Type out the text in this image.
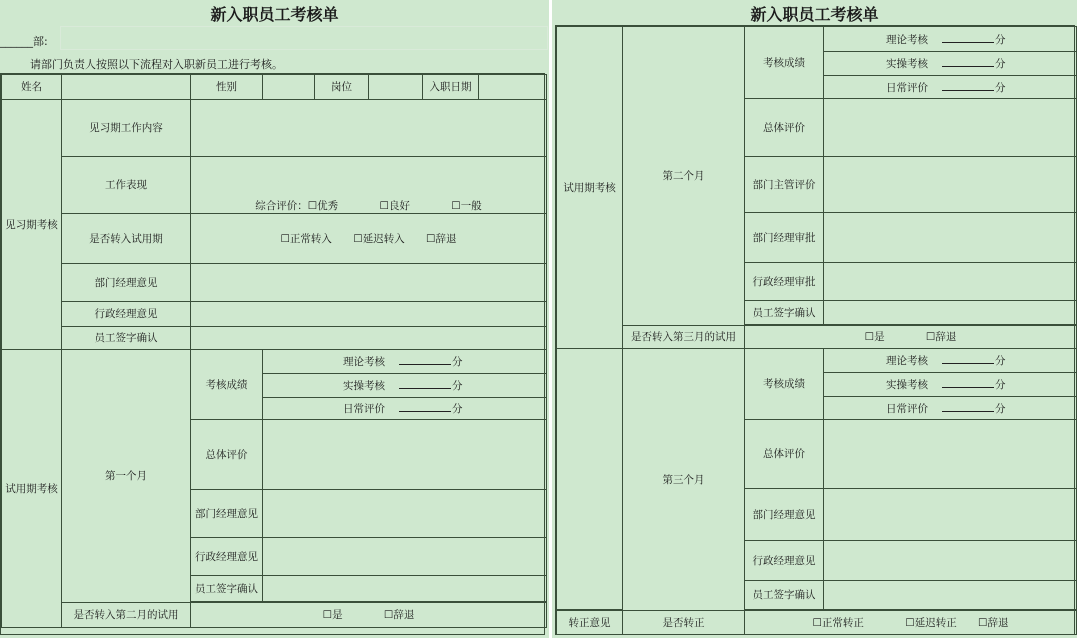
新入职员工考核单
______部:
请部门负责人按照以下流程对入职新员工进行考核。
姓名		性别		岗位		入职日期	
见习期考核	见习期工作内容						
	工作表现	综合评价：☐优秀 ☐良好 ☐一般					
	是否转入试用期	☐正常转入 ☐延迟转入 ☐辞退					
	部门经理意见						
	行政经理意见						
	员工签字确认						
试用期考核	第一个月	考核成绩	理论考核 分				
			实操考核 分				
			日常评价 分				
		总体评价					
		部门经理意见					
		行政经理意见					
		员工签字确认					

	是否转入第二月的试用	☐是 ☐辞退					
新入职员工考核单
试用期考核	第二个月	考核成绩	理论考核 分
			实操考核 分
			日常评价 分
		总体评价	
		部门主管评价	
		部门经理审批	
		行政经理审批	
		员工签字确认	

	是否转入第三月的试用	☐是 ☐辞退	
	第三个月	考核成绩	理论考核 分
			实操考核 分
			日常评价 分
		总体评价	
		部门经理意见	
		行政经理意见	
		员工签字确认	

转正意见	是否转正	☐正常转正 ☐延迟转正 ☐辞退	
